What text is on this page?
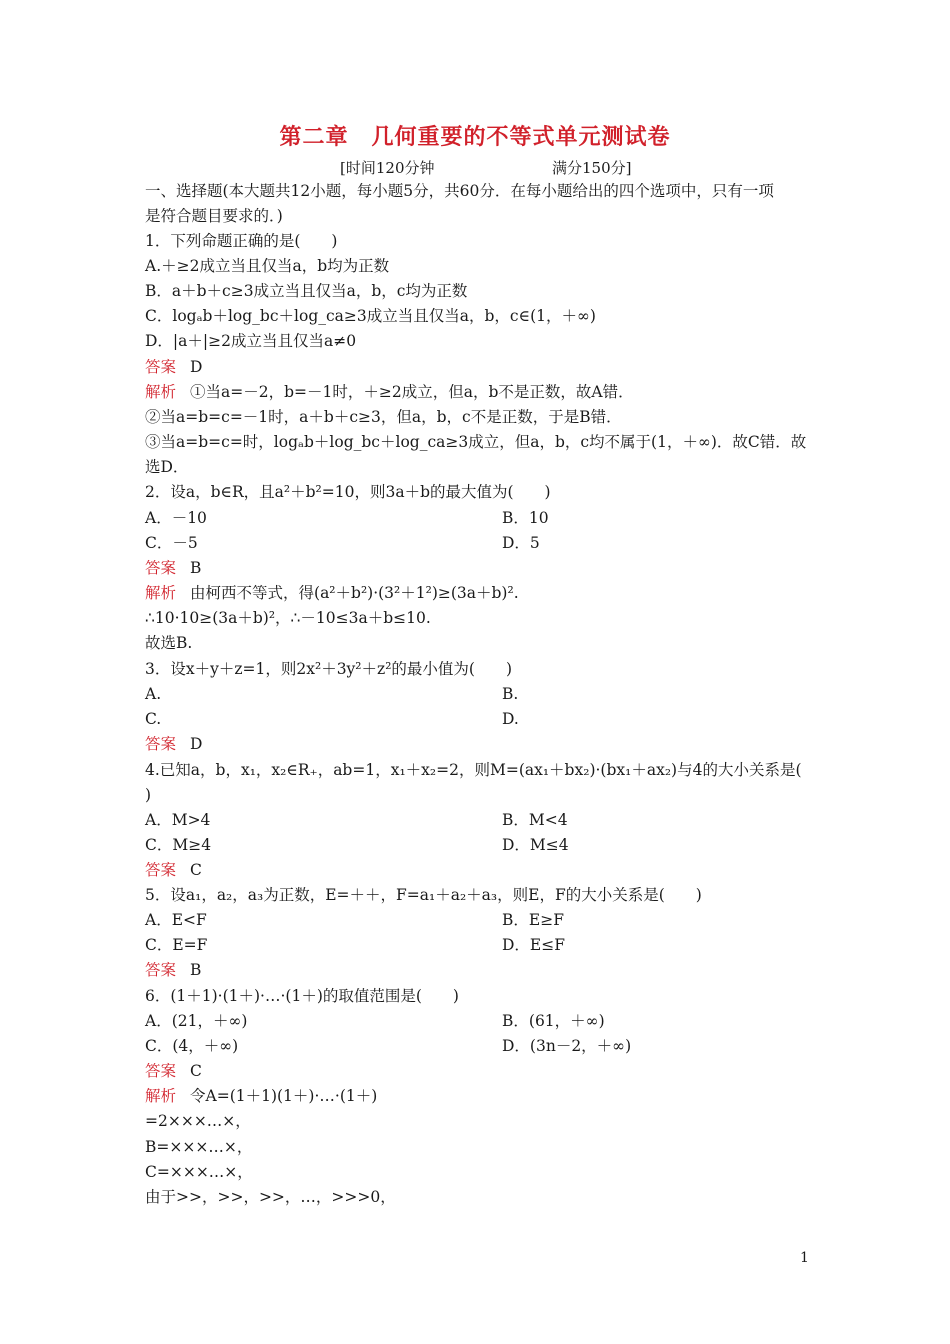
第二章　几何重要的不等式单元测试卷
[时间120分钟	满分150分]
一、选择题(本大题共12小题，每小题5分，共60分．在每小题给出的四个选项中，只有一项
是符合题目要求的．)
1．下列命题正确的是(　　)
A.＋≥2成立当且仅当a，b均为正数
B．a＋b＋c≥3成立当且仅当a，b，c均为正数
C．logₐb＋log_bc＋log_ca≥3成立当且仅当a，b，c∈(1，＋∞)
D．|a＋|≥2成立当且仅当a≠0
答案 D
解析 ①当a=－2，b=－1时，＋≥2成立，但a，b不是正数，故A错．
②当a=b=c=－1时，a＋b＋c≥3，但a，b，c不是正数，于是B错．
③当a=b=c=时，logₐb＋log_bc＋log_ca≥3成立，但a，b，c均不属于(1，＋∞)．故C错．故
选D．
2．设a，b∈R，且a²＋b²=10，则3a＋b的最大值为(　　)
A．－10	B．10
C．－5	D．5
答案 B
解析 由柯西不等式，得(a²＋b²)·(3²＋1²)≥(3a＋b)².
∴10·10≥(3a＋b)²，∴－10≤3a＋b≤10.
故选B.
3．设x＋y＋z=1，则2x²＋3y²＋z²的最小值为(　　)
A.	B.
C.	D.
答案 D
4.已知a，b，x₁，x₂∈R₊，ab=1，x₁＋x₂=2，则M=(ax₁＋bx₂)·(bx₁＋ax₂)与4的大小关系是(
)
A．M>4	B．M<4
C．M≥4	D．M≤4
答案 C
5．设a₁，a₂，a₃为正数，E=＋＋，F=a₁＋a₂＋a₃，则E，F的大小关系是(　　)
A．E<F	B．E≥F
C．E=F	D．E≤F
答案 B
6．(1＋1)·(1＋)·…·(1＋)的取值范围是(　　)
A．(21，＋∞)	B．(61，＋∞)
C．(4，＋∞)	D．(3n－2，＋∞)
答案 C
解析 令A=(1＋1)(1＋)·…·(1＋)
=2×××…×，
B=×××…×，
C=×××…×，
由于>>，>>，>>，…，>>>0，
1
